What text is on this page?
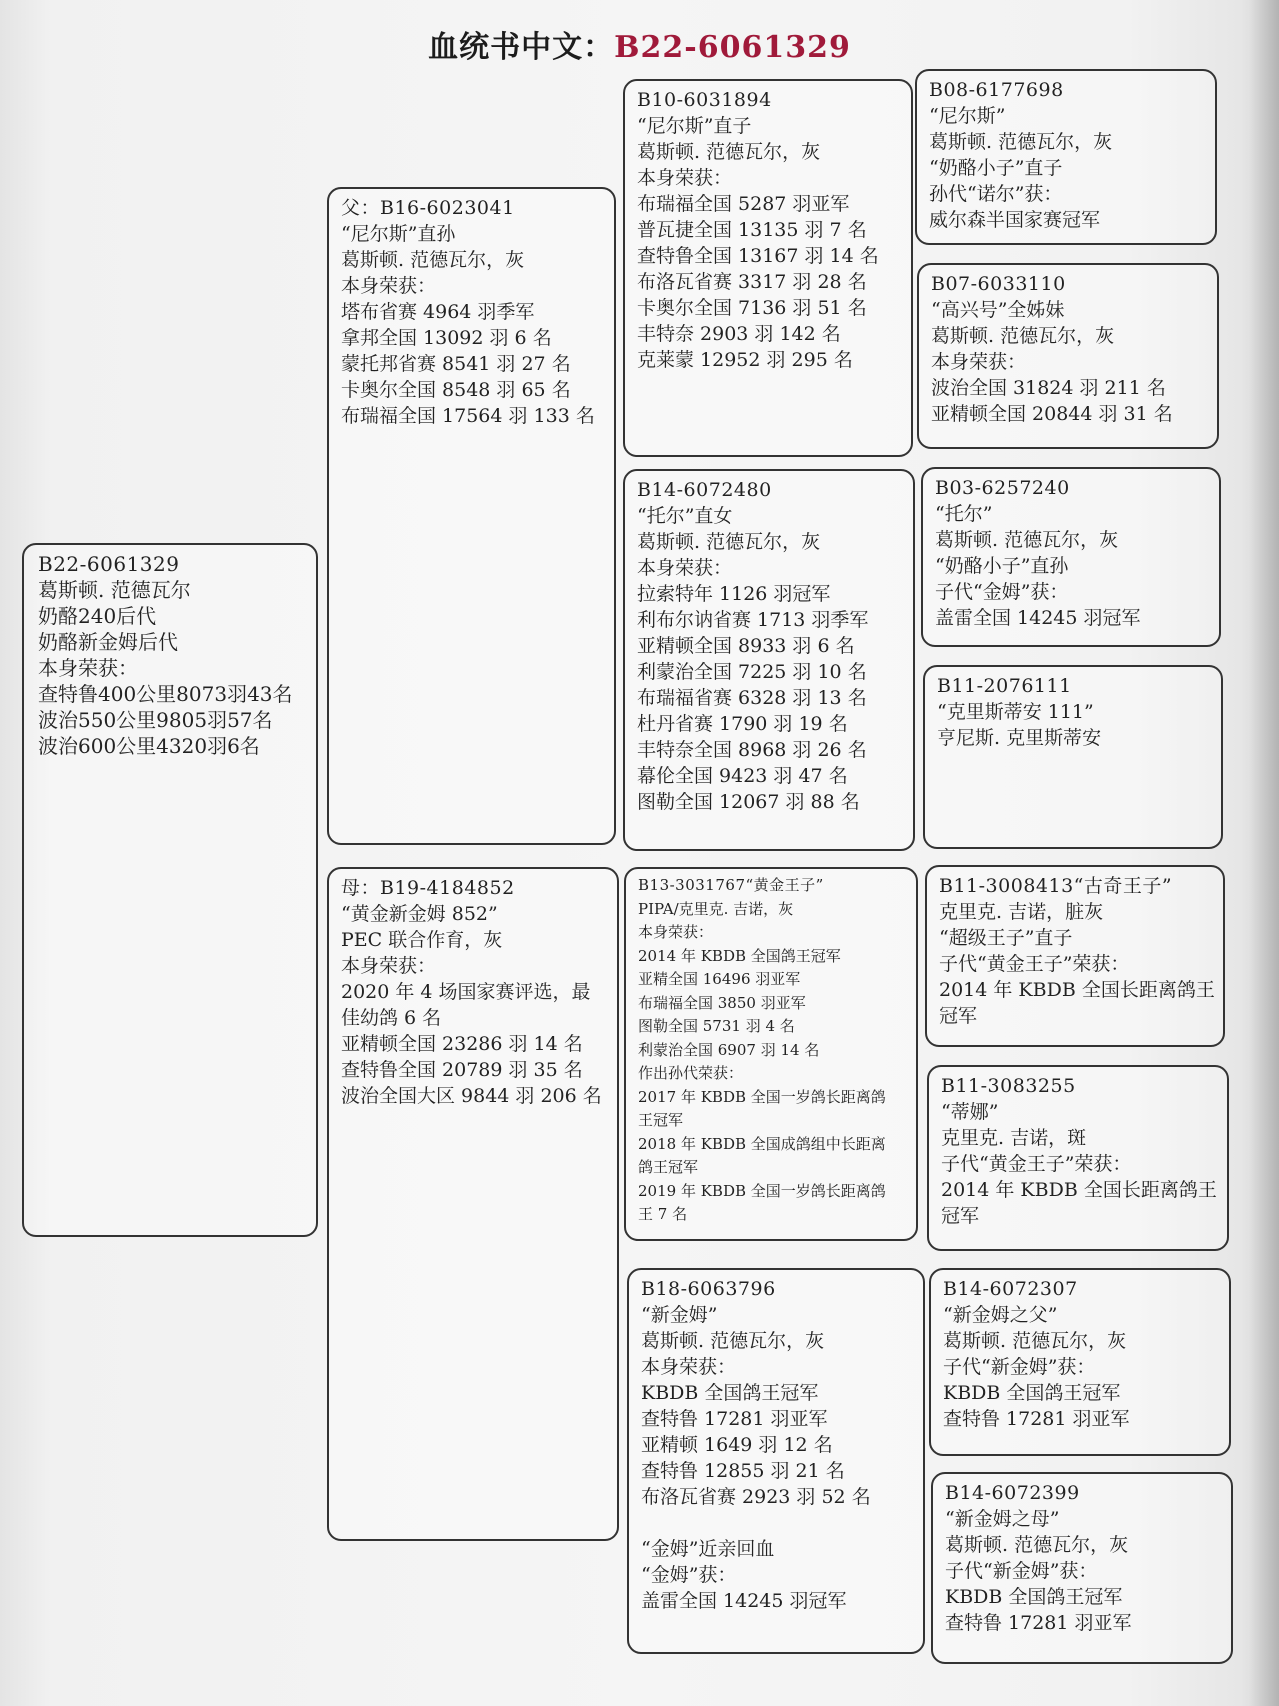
血统书中文：B22-6061329
B22-6061329
葛斯顿. 范德瓦尔
奶酪240后代
奶酪新金姆后代
本身荣获：
查特鲁400公里8073羽43名
波治550公里9805羽57名
波治600公里4320羽6名
父：B16-6023041
“尼尔斯”直孙
葛斯顿. 范德瓦尔，灰
本身荣获：
塔布省赛 4964 羽季军
拿邦全国 13092 羽 6 名
蒙托邦省赛 8541 羽 27 名
卡奥尔全国 8548 羽 65 名
布瑞福全国 17564 羽 133 名
母：B19-4184852
“黄金新金姆 852”
PEC 联合作育，灰
本身荣获：
2020 年 4 场国家赛评选，最
佳幼鸽 6 名
亚精顿全国 23286 羽 14 名
查特鲁全国 20789 羽 35 名
波治全国大区 9844 羽 206 名
B10-6031894
“尼尔斯”直子
葛斯顿. 范德瓦尔，灰
本身荣获：
布瑞福全国 5287 羽亚军
普瓦捷全国 13135 羽 7 名
查特鲁全国 13167 羽 14 名
布洛瓦省赛 3317 羽 28 名
卡奥尔全国 7136 羽 51 名
丰特奈 2903 羽 142 名
克莱蒙 12952 羽 295 名
B14-6072480
“托尔”直女
葛斯顿. 范德瓦尔，灰
本身荣获：
拉索特年 1126 羽冠军
利布尔讷省赛 1713 羽季军
亚精顿全国 8933 羽 6 名
利蒙治全国 7225 羽 10 名
布瑞福省赛 6328 羽 13 名
杜丹省赛 1790 羽 19 名
丰特奈全国 8968 羽 26 名
幕伦全国 9423 羽 47 名
图勒全国 12067 羽 88 名
B13-3031767“黄金王子”
PIPA/克里克. 吉诺，灰
本身荣获：
2014 年 KBDB 全国鸽王冠军
亚精全国 16496 羽亚军
布瑞福全国 3850 羽亚军
图勒全国 5731 羽 4 名
利蒙治全国 6907 羽 14 名
作出孙代荣获：
2017 年 KBDB 全国一岁鸽长距离鸽
王冠军
2018 年 KBDB 全国成鸽组中长距离
鸽王冠军
2019 年 KBDB 全国一岁鸽长距离鸽
王 7 名
B18-6063796
“新金姆”
葛斯顿. 范德瓦尔，灰
本身荣获：
KBDB 全国鸽王冠军
查特鲁 17281 羽亚军
亚精顿 1649 羽 12 名
查特鲁 12855 羽 21 名
布洛瓦省赛 2923 羽 52 名

“金姆”近亲回血
“金姆”获：
盖雷全国 14245 羽冠军
B08-6177698
“尼尔斯”
葛斯顿. 范德瓦尔，灰
“奶酪小子”直子
孙代“诺尔”获：
威尔森半国家赛冠军
B07-6033110
“高兴号”全姊妹
葛斯顿. 范德瓦尔，灰
本身荣获：
波治全国 31824 羽 211 名
亚精顿全国 20844 羽 31 名
B03-6257240
“托尔”
葛斯顿. 范德瓦尔，灰
“奶酪小子”直孙
子代“金姆”获：
盖雷全国 14245 羽冠军
B11-2076111
“克里斯蒂安 111”
亨尼斯. 克里斯蒂安
B11-3008413“古奇王子”
克里克. 吉诺，脏灰
“超级王子”直子
子代“黄金王子”荣获：
2014 年 KBDB 全国长距离鸽王
冠军
B11-3083255
“蒂娜”
克里克. 吉诺，斑
子代“黄金王子”荣获：
2014 年 KBDB 全国长距离鸽王
冠军
B14-6072307
“新金姆之父”
葛斯顿. 范德瓦尔，灰
子代“新金姆”获：
KBDB 全国鸽王冠军
查特鲁 17281 羽亚军
B14-6072399
“新金姆之母”
葛斯顿. 范德瓦尔，灰
子代“新金姆”获：
KBDB 全国鸽王冠军
查特鲁 17281 羽亚军
